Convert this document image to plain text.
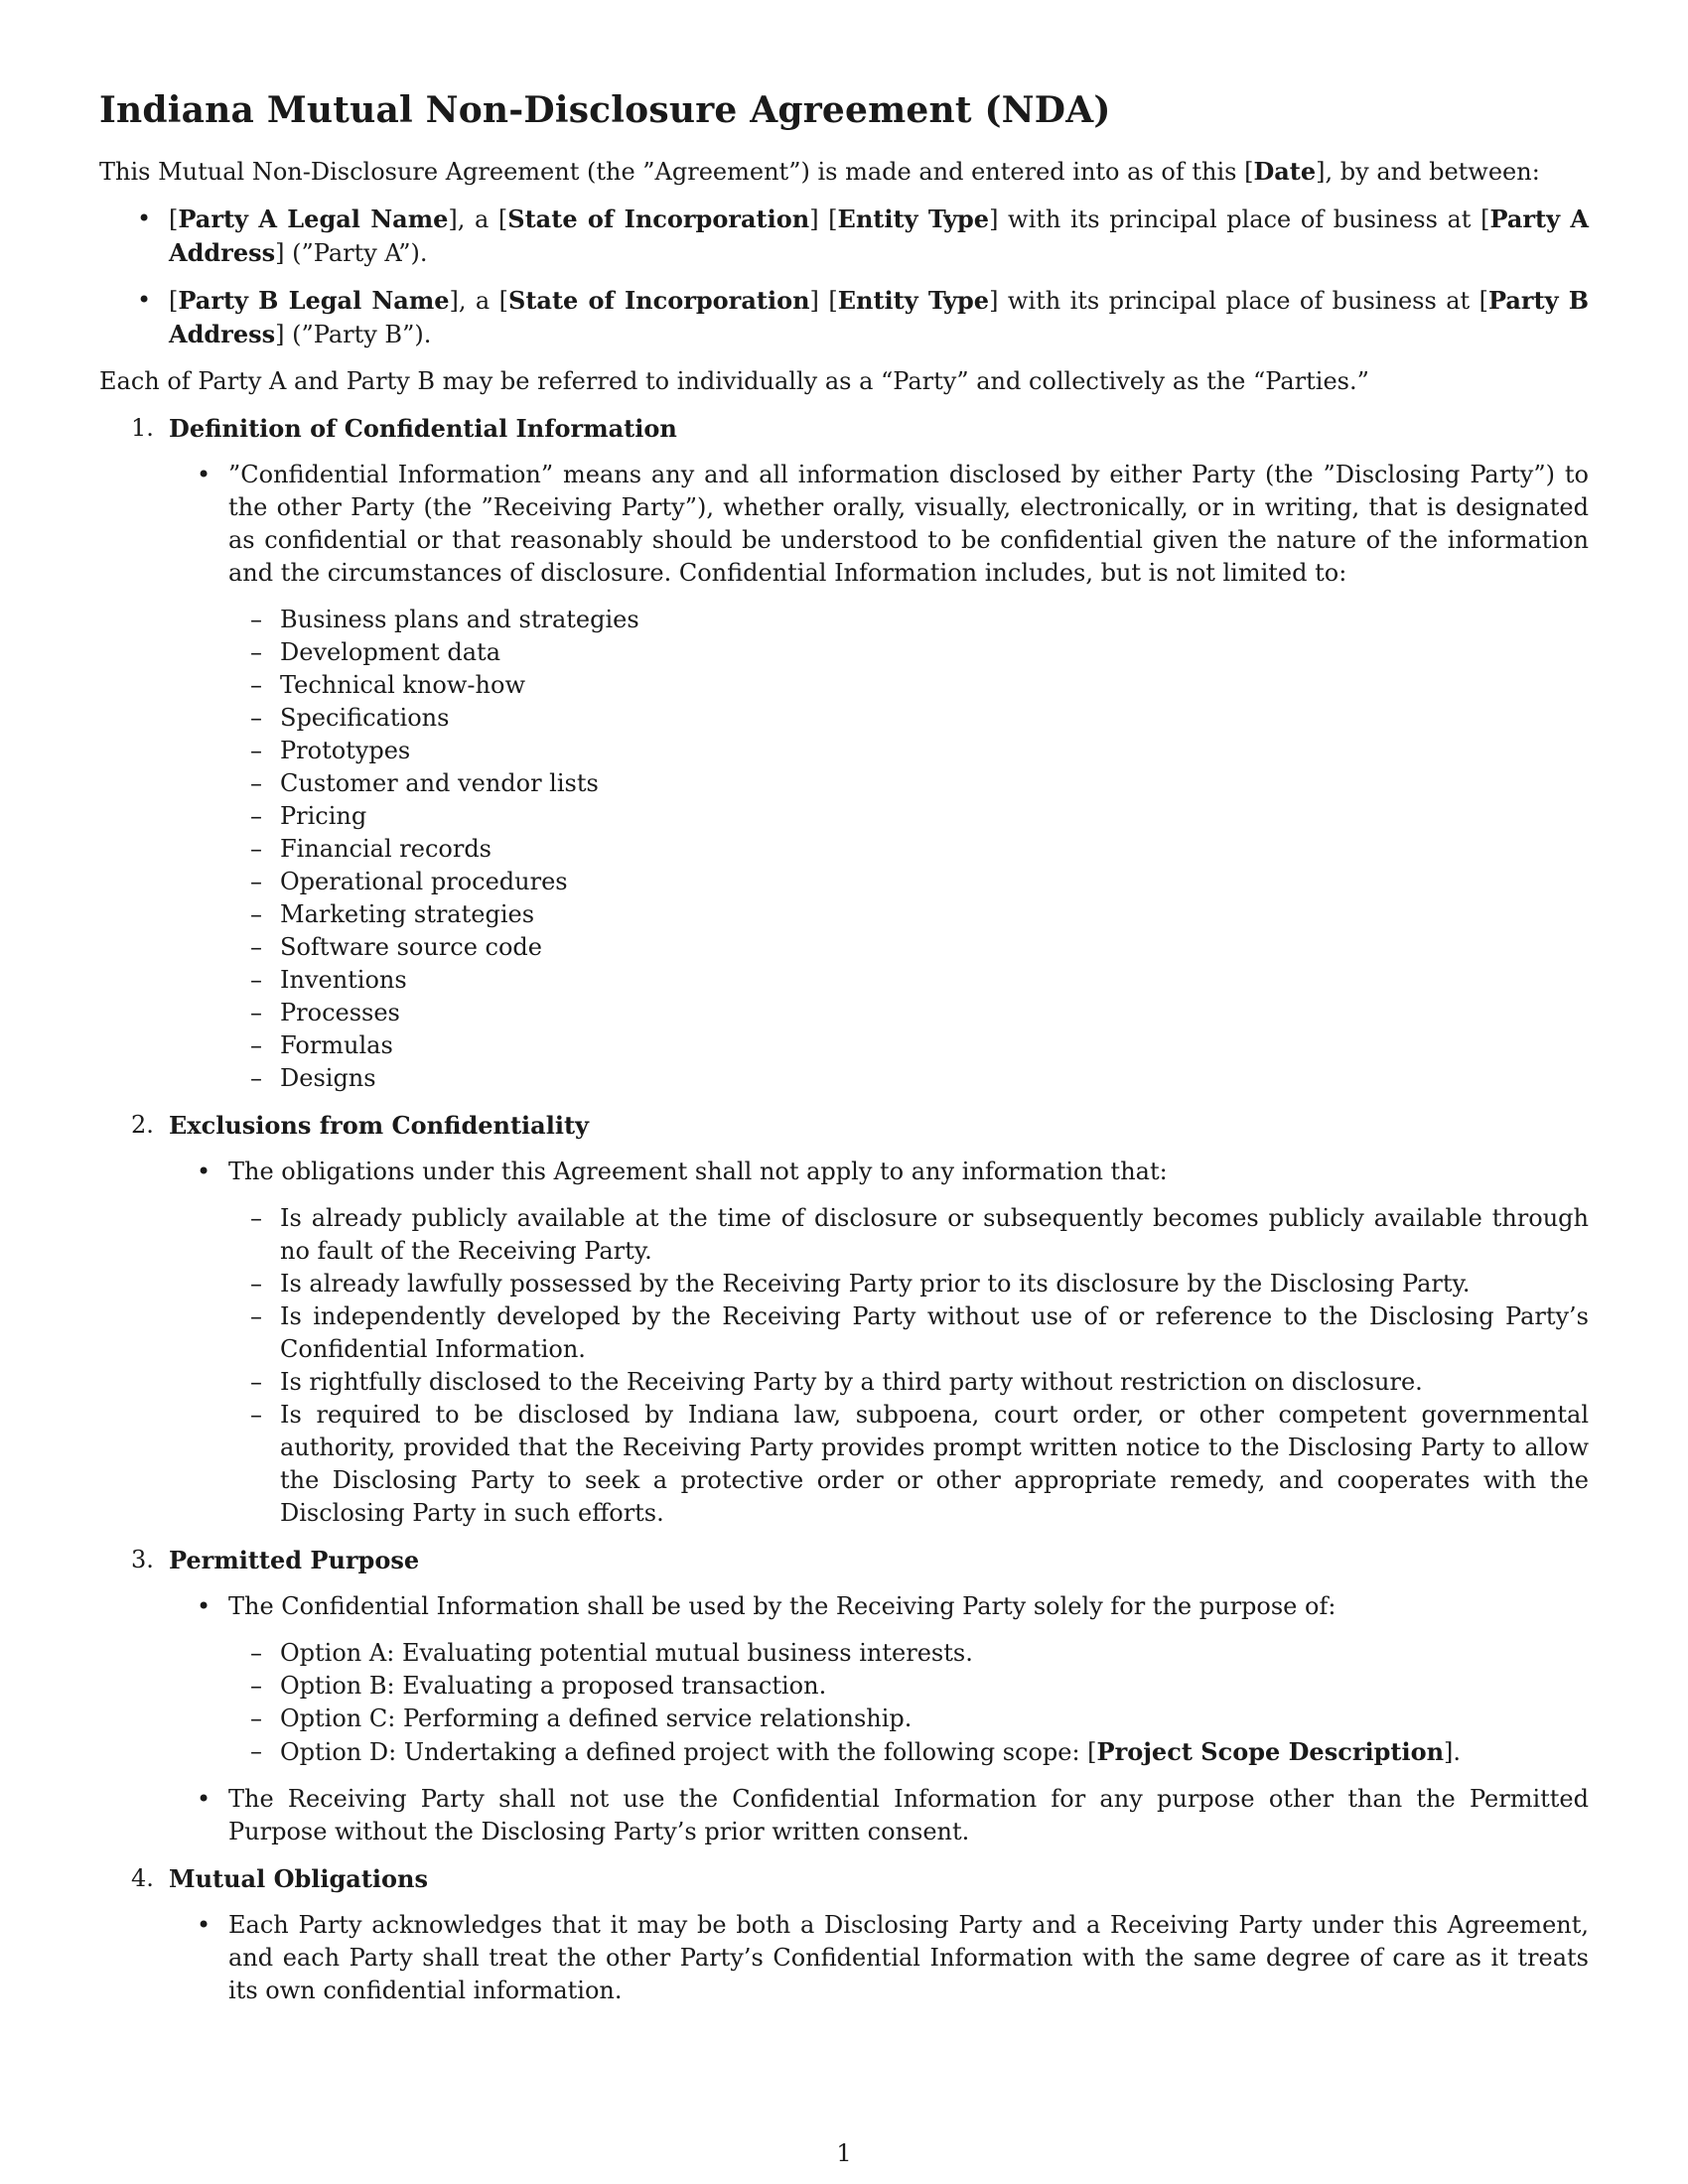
Indiana Mutual Non-Disclosure Agreement (NDA)

This Mutual Non-Disclosure Agreement (the ”Agreement”) is made and entered into as of this [Date], by and between:

• [Party A Legal Name], a [State of Incorporation] [Entity Type] with its principal place of business at [Party A Address] (”Party A”).
• [Party B Legal Name], a [State of Incorporation] [Entity Type] with its principal place of business at [Party B Address] (”Party B”).

Each of Party A and Party B may be referred to individually as a “Party” and collectively as the “Parties.”

1. Definition of Confidential Information
• ”Confidential Information” means any and all information disclosed by either Party (the ”Disclosing Party”) to the other Party (the ”Receiving Party”), whether orally, visually, electronically, or in writing, that is designated as confidential or that reasonably should be understood to be confidential given the nature of the information and the circumstances of disclosure. Confidential Information includes, but is not limited to:
– Business plans and strategies
– Development data
– Technical know-how
– Specifications
– Prototypes
– Customer and vendor lists
– Pricing
– Financial records
– Operational procedures
– Marketing strategies
– Software source code
– Inventions
– Processes
– Formulas
– Designs
2. Exclusions from Confidentiality
• The obligations under this Agreement shall not apply to any information that:
– Is already publicly available at the time of disclosure or subsequently becomes publicly available through no fault of the Receiving Party.
– Is already lawfully possessed by the Receiving Party prior to its disclosure by the Disclosing Party.
– Is independently developed by the Receiving Party without use of or reference to the Disclosing Party’s Confidential Information.
– Is rightfully disclosed to the Receiving Party by a third party without restriction on disclosure.
– Is required to be disclosed by Indiana law, subpoena, court order, or other competent governmental authority, provided that the Receiving Party provides prompt written notice to the Disclosing Party to allow the Disclosing Party to seek a protective order or other appropriate remedy, and cooperates with the Disclosing Party in such efforts.
3. Permitted Purpose
• The Confidential Information shall be used by the Receiving Party solely for the purpose of:
– Option A: Evaluating potential mutual business interests.
– Option B: Evaluating a proposed transaction.
– Option C: Performing a defined service relationship.
– Option D: Undertaking a defined project with the following scope: [Project Scope Description].
• The Receiving Party shall not use the Confidential Information for any purpose other than the Permitted Purpose without the Disclosing Party’s prior written consent.
4. Mutual Obligations
• Each Party acknowledges that it may be both a Disclosing Party and a Receiving Party under this Agreement, and each Party shall treat the other Party’s Confidential Information with the same degree of care as it treats its own confidential information.
1
